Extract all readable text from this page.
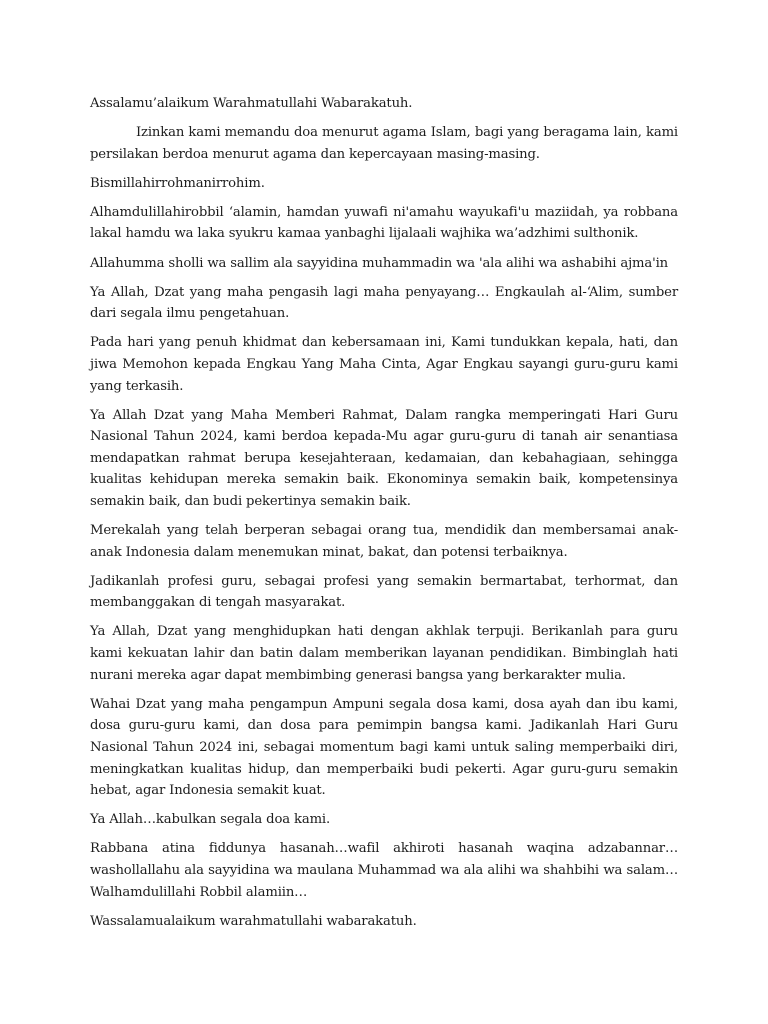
Assalamu’alaikum Warahmatullahi Wabarakatuh.

Izinkan kami memandu doa menurut agama Islam, bagi yang beragama lain, kami persilakan berdoa menurut agama dan kepercayaan masing-masing.

Bismillahirrohmanirrohim.

Alhamdulillahirobbil ‘alamin, hamdan yuwafi ni'amahu wayukafi'u maziidah, ya robbana lakal hamdu wa laka syukru kamaa yanbaghi lijalaali wajhika wa’adzhimi sulthonik.

Allahumma sholli wa sallim ala sayyidina muhammadin wa 'ala alihi wa ashabihi ajma'in

Ya Allah, Dzat yang maha pengasih lagi maha penyayang… Engkaulah al-‘Alim, sumber dari segala ilmu pengetahuan.

Pada hari yang penuh khidmat dan kebersamaan ini, Kami tundukkan kepala, hati, dan jiwa Memohon kepada Engkau Yang Maha Cinta, Agar Engkau sayangi guru-guru kami yang terkasih.

Ya Allah Dzat yang Maha Memberi Rahmat, Dalam rangka memperingati Hari Guru Nasional Tahun 2024, kami berdoa kepada-Mu agar guru-guru di tanah air senantiasa mendapatkan rahmat berupa kesejahteraan, kedamaian, dan kebahagiaan, sehingga kualitas kehidupan mereka semakin baik. Ekonominya semakin baik, kompetensinya semakin baik, dan budi pekertinya semakin baik.

Merekalah yang telah berperan sebagai orang tua, mendidik dan membersamai anak-anak Indonesia dalam menemukan minat, bakat, dan potensi terbaiknya.

Jadikanlah profesi guru, sebagai profesi yang semakin bermartabat, terhormat, dan membanggakan di tengah masyarakat.

Ya Allah, Dzat yang menghidupkan hati dengan akhlak terpuji. Berikanlah para guru kami kekuatan lahir dan batin dalam memberikan layanan pendidikan. Bimbinglah hati nurani mereka agar dapat membimbing generasi bangsa yang berkarakter mulia.

Wahai Dzat yang maha pengampun Ampuni segala dosa kami, dosa ayah dan ibu kami, dosa guru-guru kami, dan dosa para pemimpin bangsa kami. Jadikanlah Hari Guru Nasional Tahun 2024 ini, sebagai momentum bagi kami untuk saling memperbaiki diri, meningkatkan kualitas hidup, dan memperbaiki budi pekerti. Agar guru-guru semakin hebat, agar Indonesia semakit kuat.

Ya Allah…kabulkan segala doa kami.

Rabbana atina fiddunya hasanah…wafil akhiroti hasanah waqina adzabannar… washollallahu ala sayyidina wa maulana Muhammad wa ala alihi wa shahbihi wa salam… Walhamdulillahi Robbil alamiin…

Wassalamualaikum warahmatullahi wabarakatuh.
